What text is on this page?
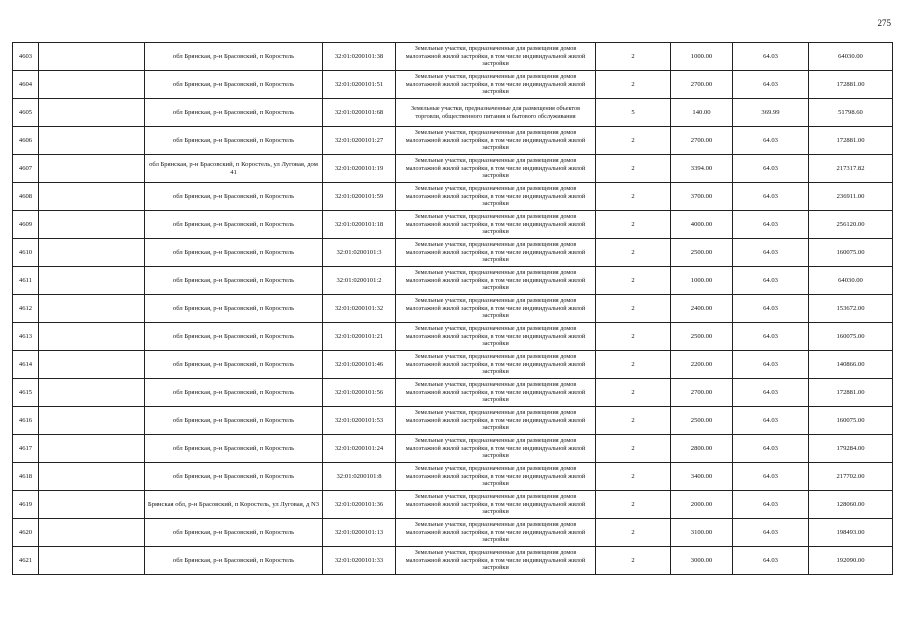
275
4603		обл Брянская, р-н Брасовский, п Коростель	32:01:0200101:38	Земельные участки, предназначенные для размещения домов малоэтажной жилой застройки, в том числе индивидуальной жилой застройки	2	1000.00	64.03	64030.00
4604		обл Брянская, р-н Брасовский, п Коростель	32:01:0200101:51	Земельные участки, предназначенные для размещения домов малоэтажной жилой застройки, в том числе индивидуальной жилой застройки	2	2700.00	64.03	172881.00
4605		обл Брянская, р-н Брасовский, п Коростель	32:01:0200101:68	Земельные участки, предназначенные для размещения объектов торговли, общественного питания и бытового обслуживания	5	140.00	369.99	51798.60
4606		обл Брянская, р-н Брасовский, п Коростель	32:01:0200101:27	Земельные участки, предназначенные для размещения домов малоэтажной жилой застройки, в том числе индивидуальной жилой застройки	2	2700.00	64.03	172881.00
4607		обл Брянская, р-н Брасовский, п Коростель, ул Луговая, дом 41	32:01:0200101:19	Земельные участки, предназначенные для размещения домов малоэтажной жилой застройки, в том числе индивидуальной жилой застройки	2	3394.00	64.03	217317.82
4608		обл Брянская, р-н Брасовский, п Коростель	32:01:0200101:59	Земельные участки, предназначенные для размещения домов малоэтажной жилой застройки, в том числе индивидуальной жилой застройки	2	3700.00	64.03	236911.00
4609		обл Брянская, р-н Брасовский, п Коростель	32:01:0200101:18	Земельные участки, предназначенные для размещения домов малоэтажной жилой застройки, в том числе индивидуальной жилой застройки	2	4000.00	64.03	256120.00
4610		обл Брянская, р-н Брасовский, п Коростель	32:01:0200101:3	Земельные участки, предназначенные для размещения домов малоэтажной жилой застройки, в том числе индивидуальной жилой застройки	2	2500.00	64.03	160075.00
4611		обл Брянская, р-н Брасовский, п Коростель	32:01:0200101:2	Земельные участки, предназначенные для размещения домов малоэтажной жилой застройки, в том числе индивидуальной жилой застройки	2	1000.00	64.03	64030.00
4612		обл Брянская, р-н Брасовский, п Коростель	32:01:0200101:32	Земельные участки, предназначенные для размещения домов малоэтажной жилой застройки, в том числе индивидуальной жилой застройки	2	2400.00	64.03	153672.00
4613		обл Брянская, р-н Брасовский, п Коростель	32:01:0200101:21	Земельные участки, предназначенные для размещения домов малоэтажной жилой застройки, в том числе индивидуальной жилой застройки	2	2500.00	64.03	160075.00
4614		обл Брянская, р-н Брасовский, п Коростель	32:01:0200101:46	Земельные участки, предназначенные для размещения домов малоэтажной жилой застройки, в том числе индивидуальной жилой застройки	2	2200.00	64.03	140866.00
4615		обл Брянская, р-н Брасовский, п Коростель	32:01:0200101:56	Земельные участки, предназначенные для размещения домов малоэтажной жилой застройки, в том числе индивидуальной жилой застройки	2	2700.00	64.03	172881.00
4616		обл Брянская, р-н Брасовский, п Коростель	32:01:0200101:53	Земельные участки, предназначенные для размещения домов малоэтажной жилой застройки, в том числе индивидуальной жилой застройки	2	2500.00	64.03	160075.00
4617		обл Брянская, р-н Брасовский, п Коростель	32:01:0200101:24	Земельные участки, предназначенные для размещения домов малоэтажной жилой застройки, в том числе индивидуальной жилой застройки	2	2800.00	64.03	179284.00
4618		обл Брянская, р-н Брасовский, п Коростель	32:01:0200101:8	Земельные участки, предназначенные для размещения домов малоэтажной жилой застройки, в том числе индивидуальной жилой застройки	2	3400.00	64.03	217702.00
4619		Брянская обл, р-н Брасовский, п Коростель, ул Луговая, д N3	32:01:0200101:36	Земельные участки, предназначенные для размещения домов малоэтажной жилой застройки, в том числе индивидуальной жилой застройки	2	2000.00	64.03	128060.00
4620		обл Брянская, р-н Брасовский, п Коростель	32:01:0200101:13	Земельные участки, предназначенные для размещения домов малоэтажной жилой застройки, в том числе индивидуальной жилой застройки	2	3100.00	64.03	198493.00
4621		обл Брянская, р-н Брасовский, п Коростель	32:01:0200101:33	Земельные участки, предназначенные для размещения домов малоэтажной жилой застройки, в том числе индивидуальной жилой застройки	2	3000.00	64.03	192090.00
